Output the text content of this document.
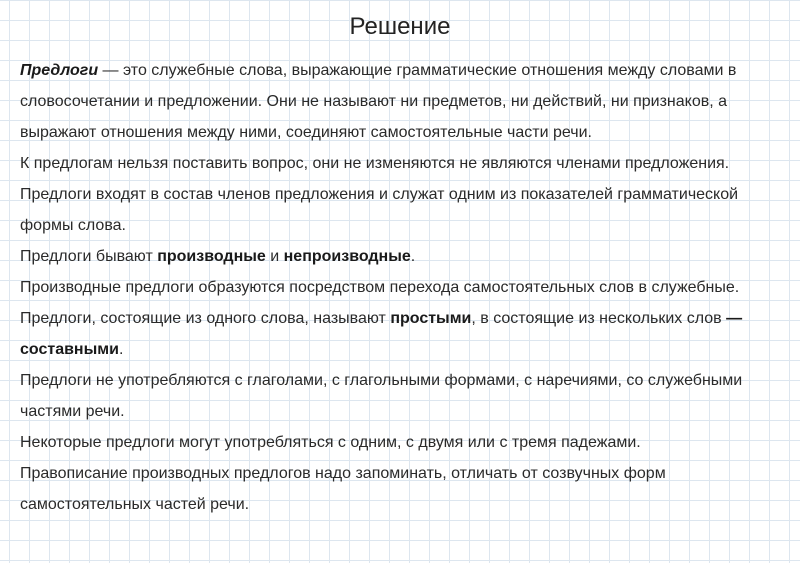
Решение

Предлоги — это служебные слова, выражающие грамматические отношения между словами в словосочетании и предложении. Они не называют ни предметов, ни действий, ни признаков, а выражают отношения между ними, соединяют самостоятельные части речи.

К предлогам нельзя поставить вопрос, они не изменяются не являются членами предложения. Предлоги входят в состав членов предложения и служат одним из показателей грамматической формы слова.

Предлоги бывают производные и непроизводные.

Производные предлоги образуются посредством перехода самостоятельных слов в служебные.

Предлоги, состоящие из одного слова, называют простыми, в состоящие из нескольких слов — составными.

Предлоги не употребляются с глаголами, с глагольными формами, с наречиями, со служебными частями речи.

Некоторые предлоги могут употребляться с одним, с двумя или с тремя падежами.

Правописание производных предлогов надо запоминать, отличать от созвучных форм самостоятельных частей речи.
